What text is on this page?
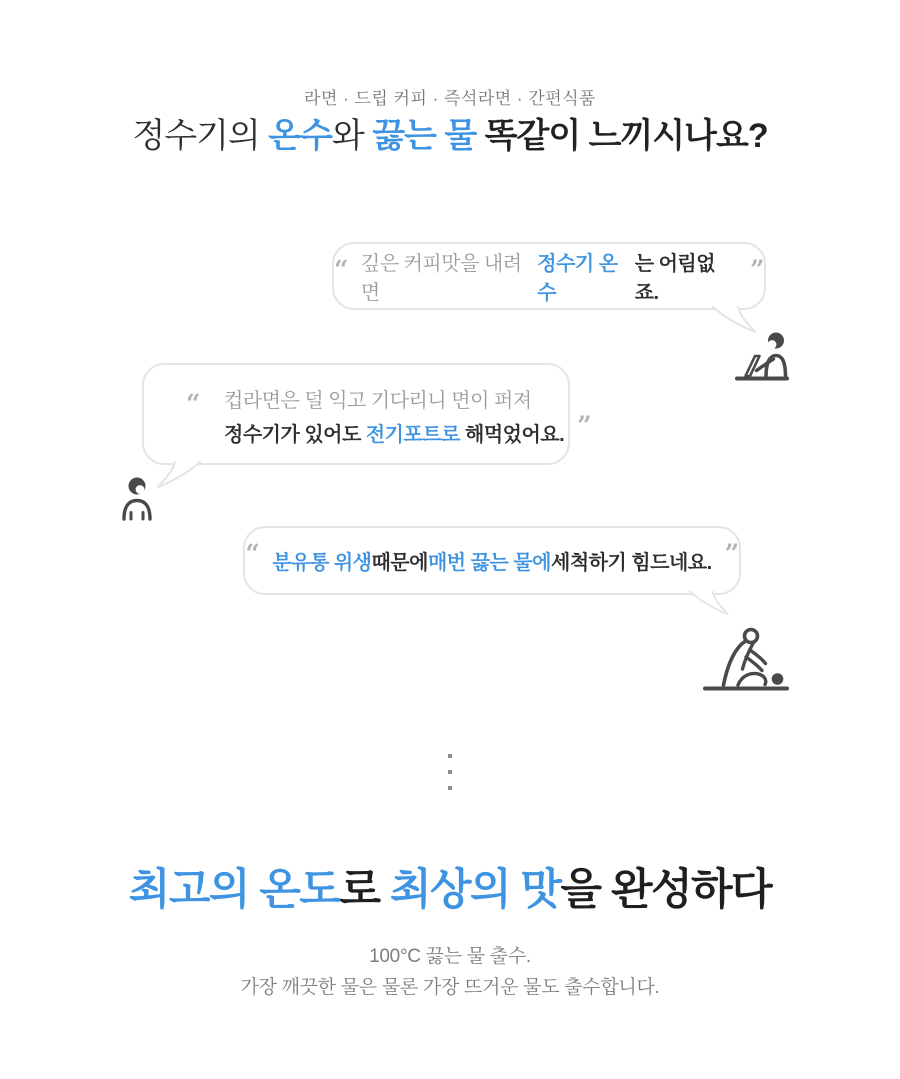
라면 · 드립 커피 · 즉석라면 · 간편식품
정수기의 온수와 끓는 물 똑같이 느끼시나요?
“ 깊은 커피맛을 내려면
정수기 온수
는 어림없죠.
”
“ 컵라면은 덜 익고 기다리니 면이 퍼져
정수기가 있어도 전기포트로 해먹었어요. ”
“ 분유통 위생 때문에 매번 끓는 물에 세척하기 힘드네요. ”
최고의 온도로 최상의 맛을 완성하다

100°C 끓는 물 출수.
가장 깨끗한 물은 물론 가장 뜨거운 물도 출수합니다.
